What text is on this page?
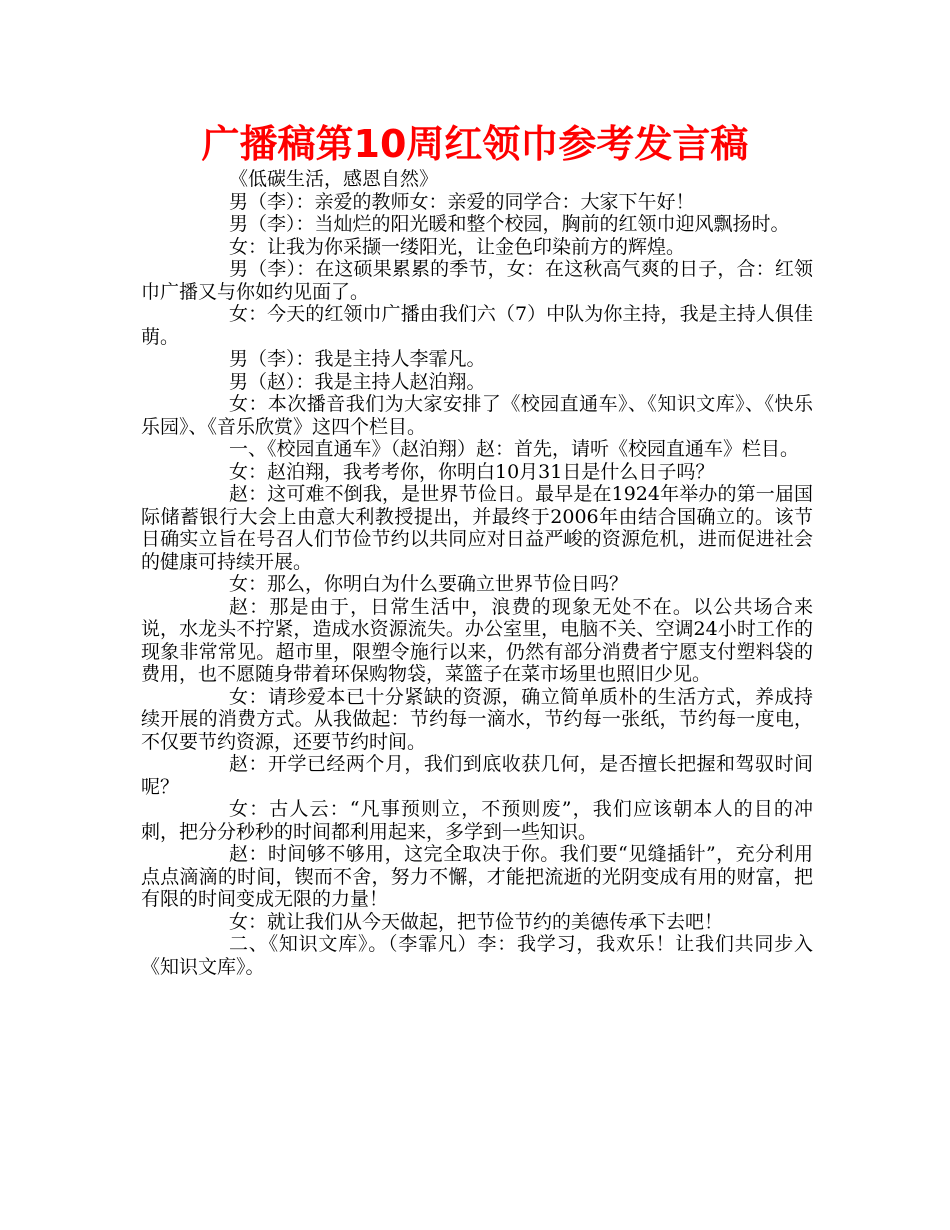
广播稿第10周红领巾参考发言稿

《低碳生活，感恩自然》

男（李）：亲爱的教师女：亲爱的同学合：大家下午好！

男（李）：当灿烂的阳光暖和整个校园，胸前的红领巾迎风飘扬时。

女：让我为你采撷一缕阳光，让金色印染前方的辉煌。

男（李）：在这硕果累累的季节，女：在这秋高气爽的日子，合：红领巾广播又与你如约见面了。

女：今天的红领巾广播由我们六（7）中队为你主持，我是主持人俱佳萌。

男（李）：我是主持人李霏凡。

男（赵）：我是主持人赵泊翔。

女：本次播音我们为大家安排了《校园直通车》、《知识文库》、《快乐乐园》、《音乐欣赏》这四个栏目。

一、《校园直通车》（赵泊翔）赵：首先，请听《校园直通车》栏目。

女：赵泊翔，我考考你，你明白10月31日是什么日子吗？

赵：这可难不倒我，是世界节俭日。最早是在1924年举办的第一届国际储蓄银行大会上由意大利教授提出，并最终于2006年由结合国确立的。该节日确实立旨在号召人们节俭节约以共同应对日益严峻的资源危机，进而促进社会的健康可持续开展。

女：那么，你明白为什么要确立世界节俭日吗？

赵：那是由于，日常生活中，浪费的现象无处不在。以公共场合来说，水龙头不拧紧，造成水资源流失。办公室里，电脑不关、空调24小时工作的现象非常常见。超市里，限塑令施行以来，仍然有部分消费者宁愿支付塑料袋的费用，也不愿随身带着环保购物袋，菜篮子在菜市场里也照旧少见。

女：请珍爱本已十分紧缺的资源，确立简单质朴的生活方式，养成持续开展的消费方式。从我做起：节约每一滴水，节约每一张纸，节约每一度电，不仅要节约资源，还要节约时间。

赵：开学已经两个月，我们到底收获几何，是否擅长把握和驾驭时间呢？

女：古人云：“凡事预则立，不预则废”，我们应该朝本人的目的冲刺，把分分秒秒的时间都利用起来，多学到一些知识。

赵：时间够不够用，这完全取决于你。我们要“见缝插针”，充分利用点点滴滴的时间，锲而不舍，努力不懈，才能把流逝的光阴变成有用的财富，把有限的时间变成无限的力量！

女：就让我们从今天做起，把节俭节约的美德传承下去吧！

二、《知识文库》。（李霏凡）李：我学习，我欢乐！让我们共同步入《知识文库》。
